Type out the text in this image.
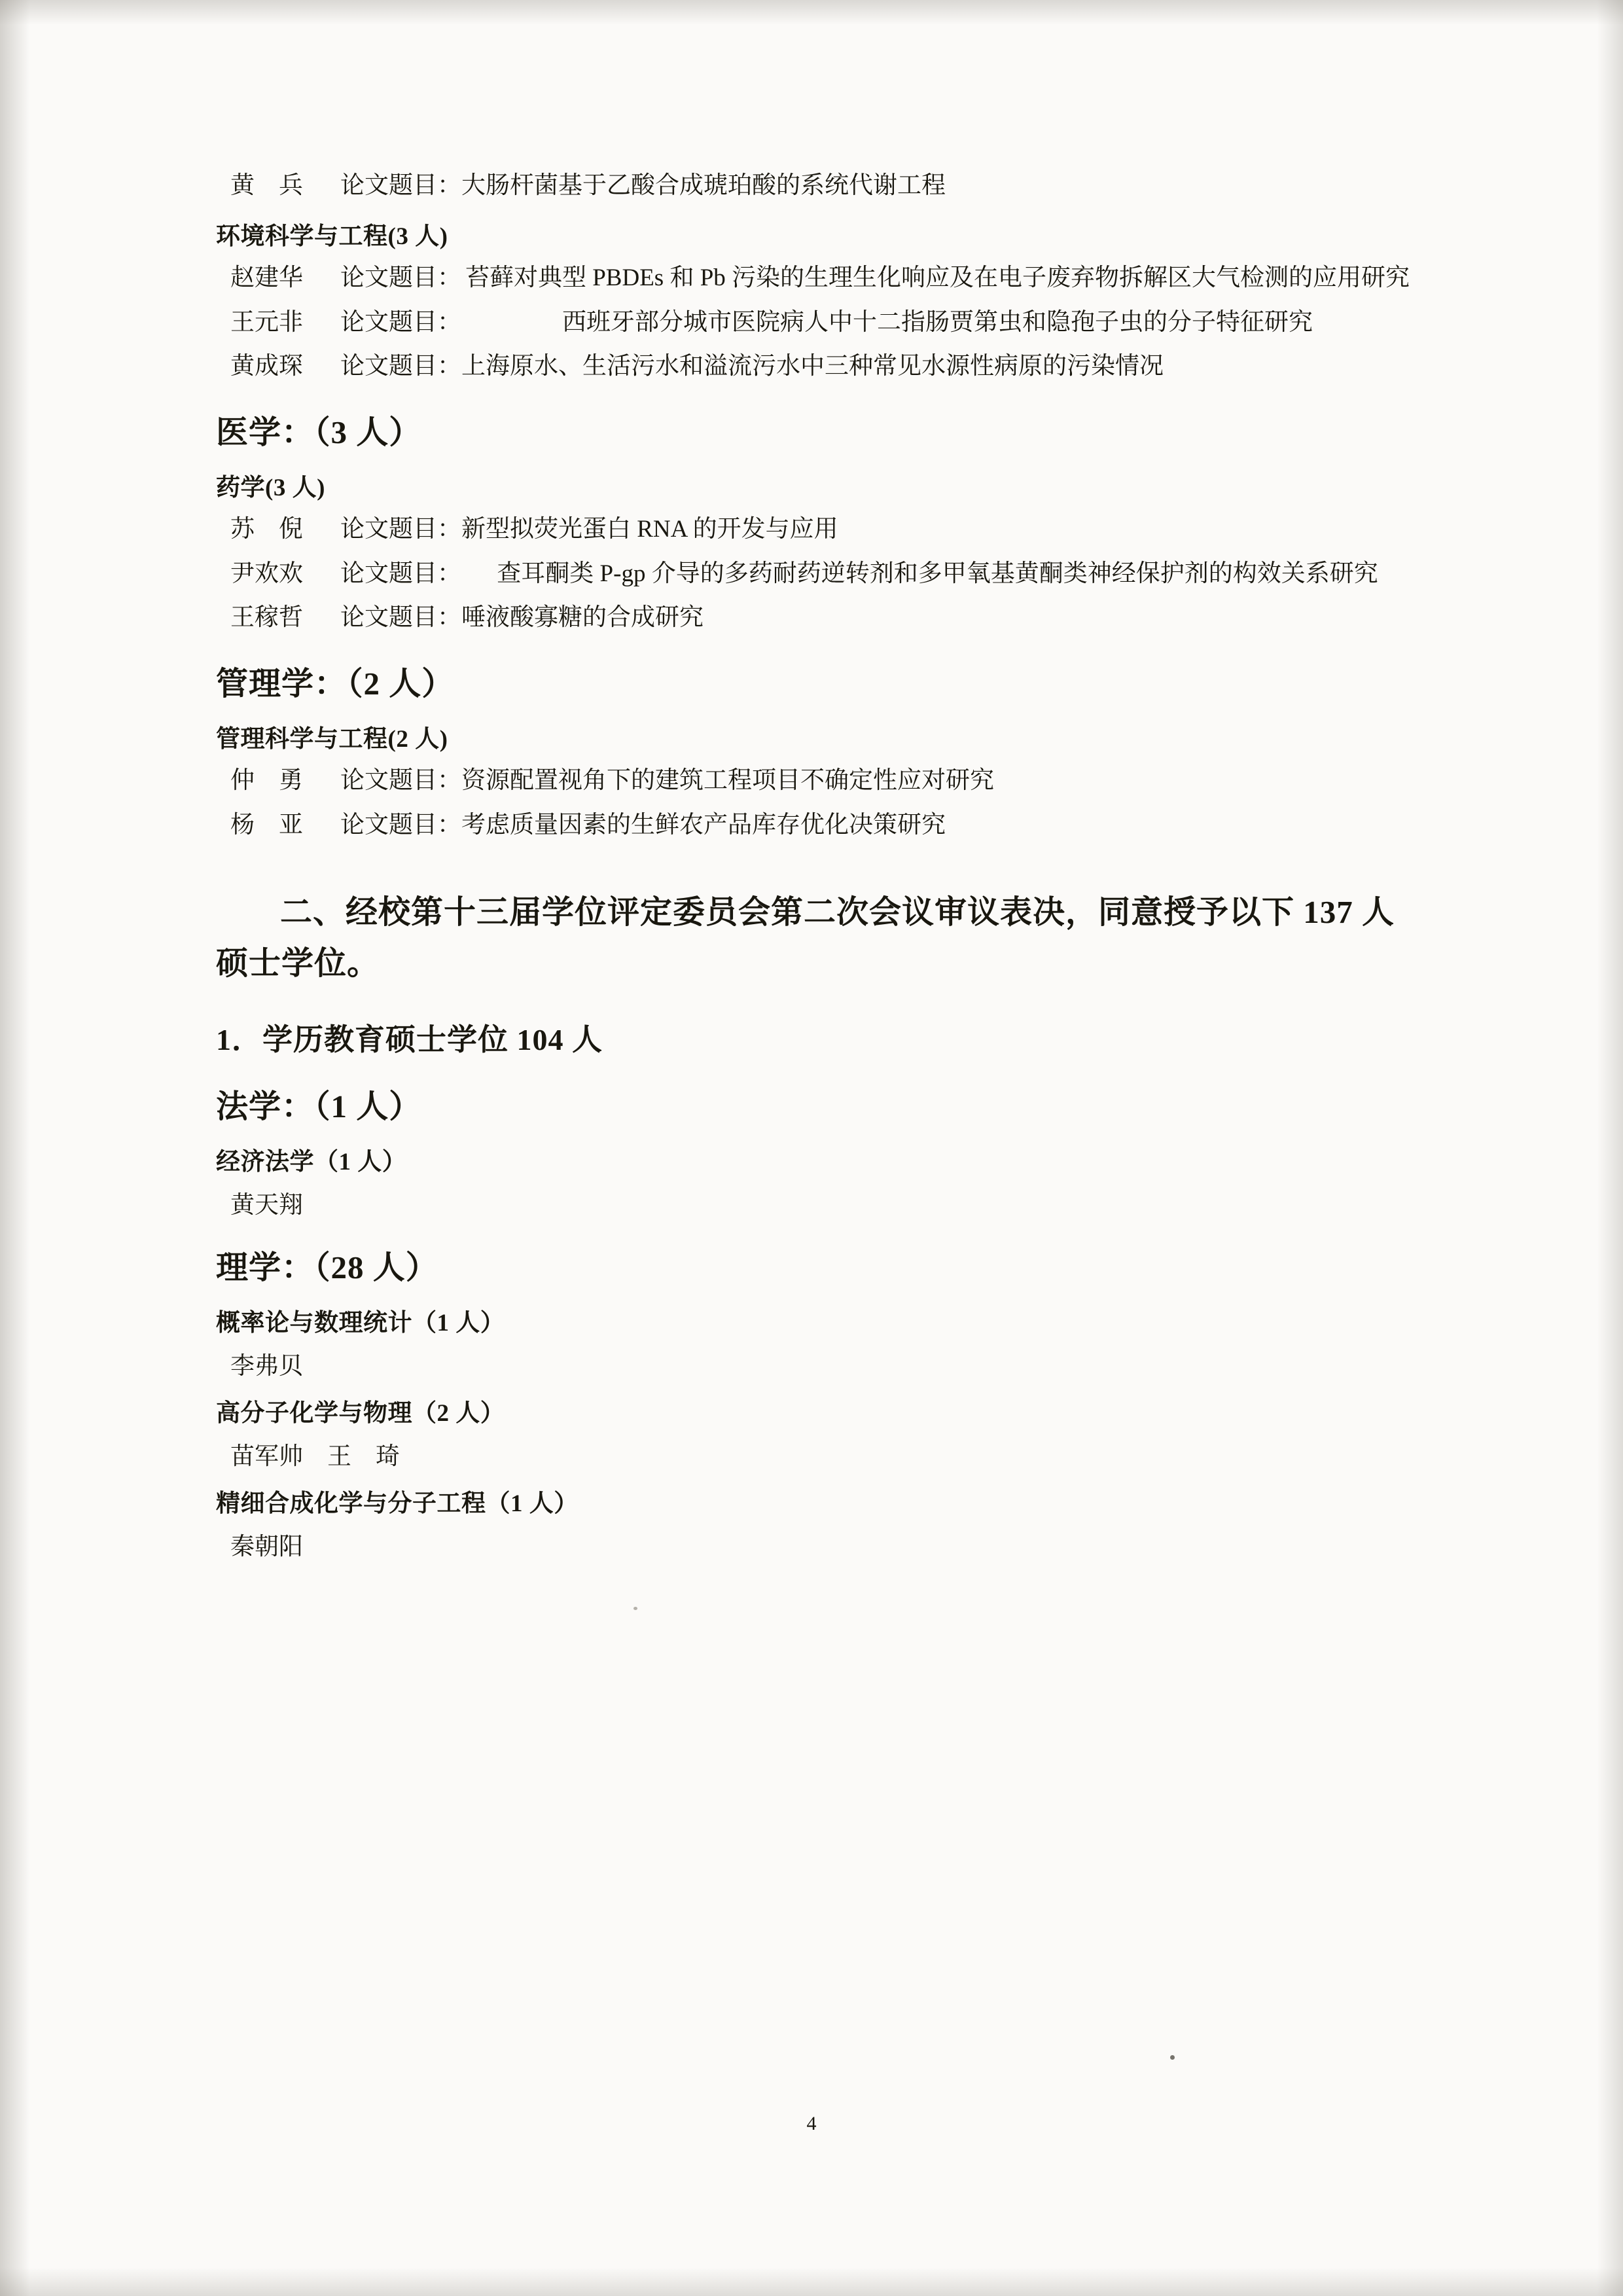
黄　兵	论文题目： 大肠杆菌基于乙酸合成琥珀酸的系统代谢工程
环境科学与工程(3 人)
赵建华	论文题目： 苔藓对典型 PBDEs 和 Pb 污染的生理生化响应及在电子废弃物拆解区大气检测的应用研究
王元非	论文题目：	西班牙部分城市医院病人中十二指肠贾第虫和隐孢子虫的分子特征研究
黄成琛	论文题目： 上海原水、生活污水和溢流污水中三种常见水源性病原的污染情况
医学：（3 人）
药学(3 人)
苏　倪	论文题目： 新型拟荧光蛋白 RNA 的开发与应用
尹欢欢	论文题目：	查耳酮类 P-gp 介导的多药耐药逆转剂和多甲氧基黄酮类神经保护剂的构效关系研究
王稼哲	论文题目： 唾液酸寡糖的合成研究
管理学：（2 人）
管理科学与工程(2 人)
仲　勇	论文题目： 资源配置视角下的建筑工程项目不确定性应对研究
杨　亚	论文题目： 考虑质量因素的生鲜农产品库存优化决策研究
二、经校第十三届学位评定委员会第二次会议审议表决，同意授予以下 137 人硕士学位。
1．学历教育硕士学位 104 人
法学：（1 人）
经济法学（1 人）
黄天翔
理学：（28 人）
概率论与数理统计（1 人）
李弗贝
高分子化学与物理（2 人）
苗军帅　王　琦
精细合成化学与分子工程（1 人）
秦朝阳
4
